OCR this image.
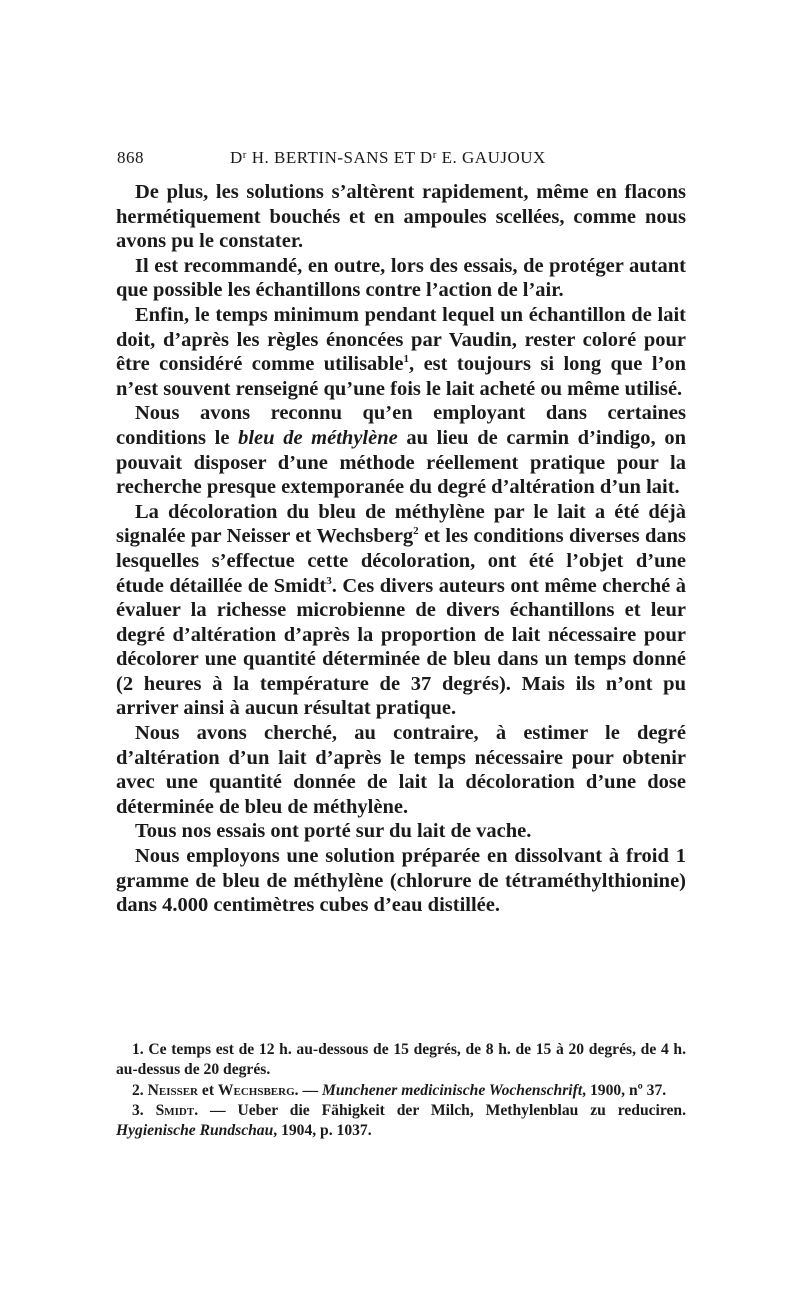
868	$D^r$ H. BERTIN-SANS ET $D^r$ E. GAUJOUX

De plus, les solutions s’altèrent rapidement, même en flacons hermétiquement bouchés et en ampoules scellées, comme nous avons pu le constater.

Il est recommandé, en outre, lors des essais, de protéger autant que possible les échantillons contre l’action de l’air.

Enfin, le temps minimum pendant lequel un échantillon de lait doit, d’après les règles énoncées par Vaudin, rester coloré pour être considéré comme utilisable$^1$, est toujours si long que l’on n’est souvent renseigné qu’une fois le lait acheté ou même utilisé.

Nous avons reconnu qu’en employant dans certaines conditions le bleu de méthylène au lieu de carmin d’indigo, on pouvait disposer d’une méthode réellement pratique pour la recherche presque extemporanée du degré d’altération d’un lait.

La décoloration du bleu de méthylène par le lait a été déjà signalée par Neisser et Wechsberg$^2$ et les conditions diverses dans lesquelles s’effectue cette décoloration, ont été l’objet d’une étude détaillée de Smidt$^3$. Ces divers auteurs ont même cherché à évaluer la richesse microbienne de divers échantillons et leur degré d’altération d’après la proportion de lait nécessaire pour décolorer une quantité déterminée de bleu dans un temps donné (2 heures à la température de 37 degrés). Mais ils n’ont pu arriver ainsi à aucun résultat pratique.

Nous avons cherché, au contraire, à estimer le degré d’altération d’un lait d’après le temps nécessaire pour obtenir avec une quantité donnée de lait la décoloration d’une dose déterminée de bleu de méthylène.

Tous nos essais ont porté sur du lait de vache.

Nous employons une solution préparée en dissolvant à froid 1 gramme de bleu de méthylène (chlorure de tétraméthylthionine) dans 4.000 centimètres cubes d’eau distillée.

1. Ce temps est de 12 h. au-dessous de 15 degrés, de 8 h. de 15 à 20 degrés, de 4 h. au-dessus de 20 degrés.

2. Neisser et Wechsberg. — Munchener medicinische Wochenschrift, 1900, nº 37.

3. Smidt. — Ueber die Fähigkeit der Milch, Methylenblau zu reduciren. Hygienische Rundschau, 1904, p. 1037.
